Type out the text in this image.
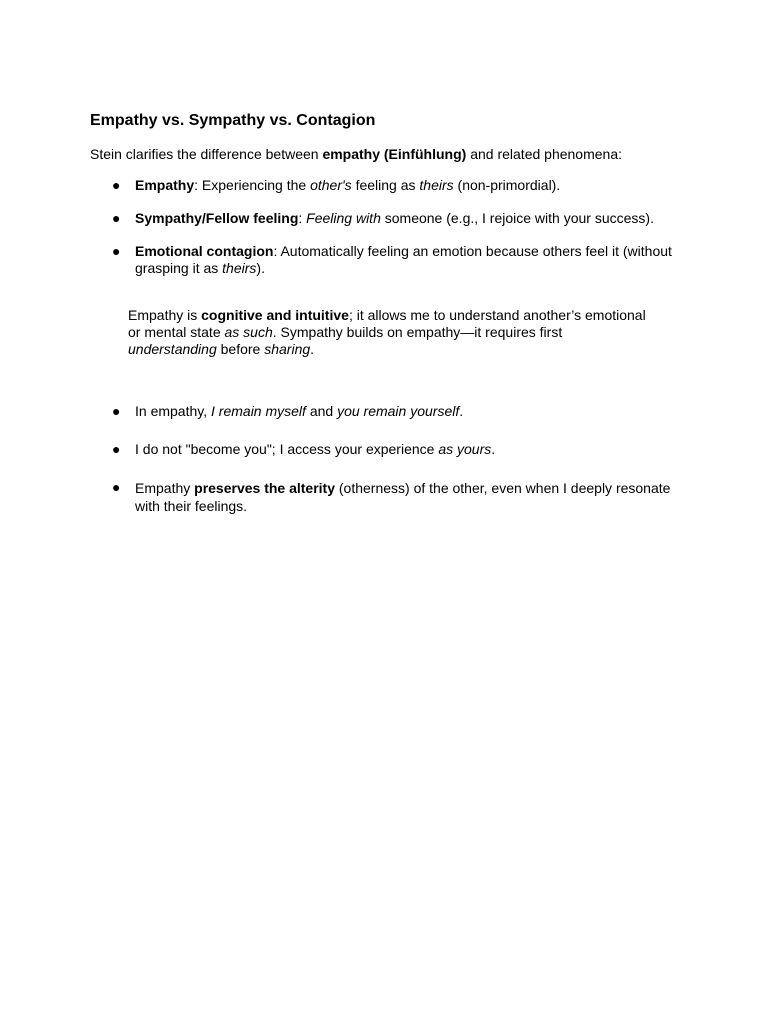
Empathy vs. Sympathy vs. Contagion

Stein clarifies the difference between empathy (Einfühlung) and related phenomena:

● Empathy: Experiencing the other's feeling as theirs (non-primordial).
● Sympathy/Fellow feeling: Feeling with someone (e.g., I rejoice with your success).
● Emotional contagion: Automatically feeling an emotion because others feel it (without grasping it as theirs).

Empathy is cognitive and intuitive; it allows me to understand another’s emotional or mental state as such. Sympathy builds on empathy—it requires first understanding before sharing.

● In empathy, I remain myself and you remain yourself.
● I do not "become you"; I access your experience as yours.
● Empathy preserves the alterity (otherness) of the other, even when I deeply resonate with their feelings.
